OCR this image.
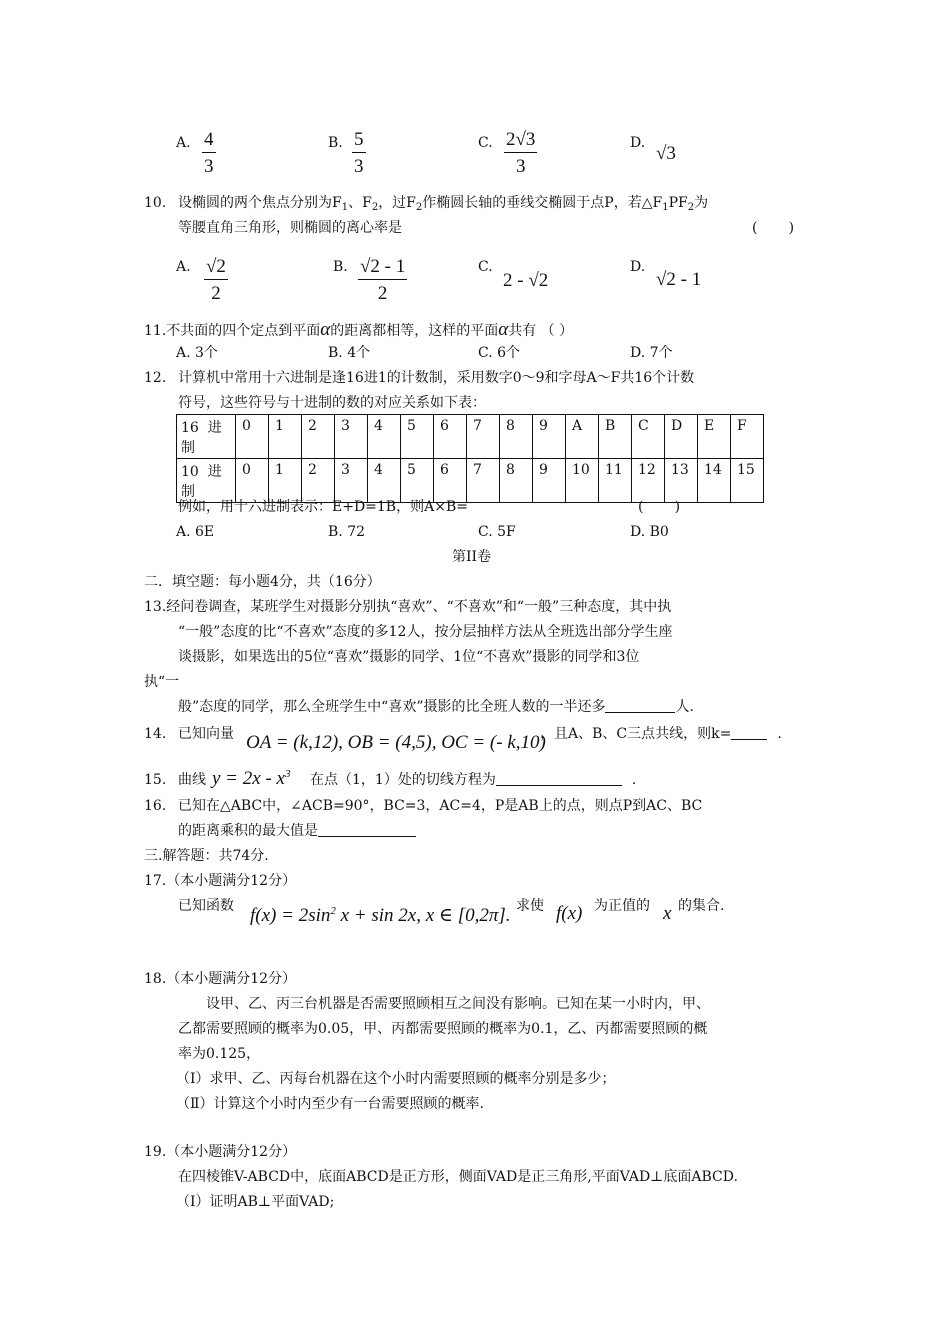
A. 4
3
B. 5
3
C. 2√3
3
D. √3
10. 设椭圆的两个焦点分别为$F_1$、$F_2$，过$F_2$作椭圆长轴的垂线交椭圆于点P，若$\triangle F_1PF_2$为
等腰直角三角形，则椭圆的离心率是	(       )
A. √2
2
B. √2 - 1
2
C.
2 - √2
D.
√2 - 1
11.不共面的四个定点到平面α的距离都相等，这样的平面α共有 （ ）
A. 3个	B. 4个	C. 6个	D. 7个
12. 计算机中常用十六进制是逢16进1的计数制，采用数字0～9和字母A～F共16个计数
符号，这些符号与十进制的数的对应关系如下表：
16  进
制	0	1	2	3	4	5	6	7	8	9	A	B	C	D	E	F

10  进
制	0	1	2	3	4	5	6	7	8	9	10	11	12	13	14	15
例如，用十六进制表示：E+D=1B，则A×B=	(       )
A. 6E	B. 72	C. 5F	D. B0
第II卷
二．填空题：每小题4分，共（16分）
13.经问卷调查，某班学生对摄影分别执“喜欢”、“不喜欢”和“一般”三种态度，其中执
“一般”态度的比“不喜欢”态度的多12人，按分层抽样方法从全班选出部分学生座
谈摄影，如果选出的5位“喜欢”摄影的同学、1位“不喜欢”摄影的同学和3位
执“一
般”态度的同学，那么全班学生中“喜欢”摄影的比全班人数的一半还多	人.
14. 已知向量 OA = (k,12), OB = (4,5), OC = (- k,10)
，且A、B、C三点共线，则k=	.
15. 曲线 $y = 2x - x^3$ 在点（1，1）处的切线方程为	.
16. 已知在△ABC中，∠ACB=90°，BC=3，AC=4，P是AB上的点，则点P到AC、BC
的距离乘积的最大值是
三.解答题：共74分.
17.（本小题满分12分）
已知函数 $f(x) = 2\sin^2$ x + sin 2x, x ∈ [0,2π]. 求使 f(x) 为正值的 x 的集合.
18.（本小题满分12分）
设甲、乙、丙三台机器是否需要照顾相互之间没有影响。已知在某一小时内，甲、
乙都需要照顾的概率为0.05，甲、丙都需要照顾的概率为0.1，乙、丙都需要照顾的概
率为0.125，
（Ⅰ）求甲、乙、丙每台机器在这个小时内需要照顾的概率分别是多少；
（Ⅱ）计算这个小时内至少有一台需要照顾的概率.
19.（本小题满分12分）
在四棱锥V-ABCD中，底面ABCD是正方形，侧面VAD是正三角形,平面VAD⊥底面ABCD.
（Ⅰ）证明AB⊥平面VAD;
